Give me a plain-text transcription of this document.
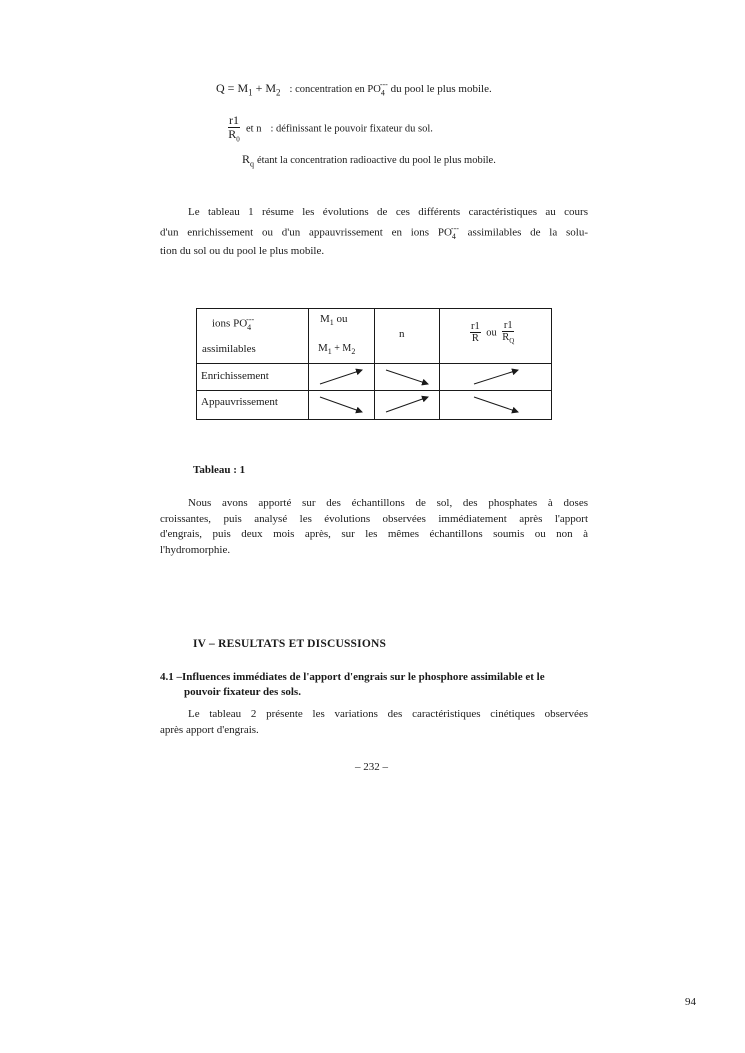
$Q = M_1 + M_2$ : concentration en $PO_4^{---}$ du pool le plus mobile.
$\frac{r1}{R_0}$ et n : définissant le pouvoir fixateur du sol.
$R_q$ étant la concentration radioactive du pool le plus mobile.
Le tableau 1 résume les évolutions de ces différents caractéristiques au cours
d'un enrichissement ou d'un appauvrissement en ions $PO_4^{---}$ assimilables de la solu-
tion du sol ou du pool le plus mobile.
ions $PO_4^{---}$
assimilables
$M_1$ ou
$M_1 + M_2$
n	$\frac{r1}{R}$ ou $\frac{r1}{R_Q}$
Enrichissement
Appauvrissement
Tableau : 1
Nous avons apporté sur des échantillons de sol, des phosphates à doses
croissantes, puis analysé les évolutions observées immédiatement après l'apport
d'engrais, puis deux mois après, sur les mêmes échantillons soumis ou non à
l'hydromorphie.
IV – RESULTATS ET DISCUSSIONS
4.1 –Influences immédiates de l'apport d'engrais sur le phosphore assimilable et le
pouvoir fixateur des sols.
Le tableau 2 présente les variations des caractéristiques cinétiques observées
après apport d'engrais.
– 232 –
94
